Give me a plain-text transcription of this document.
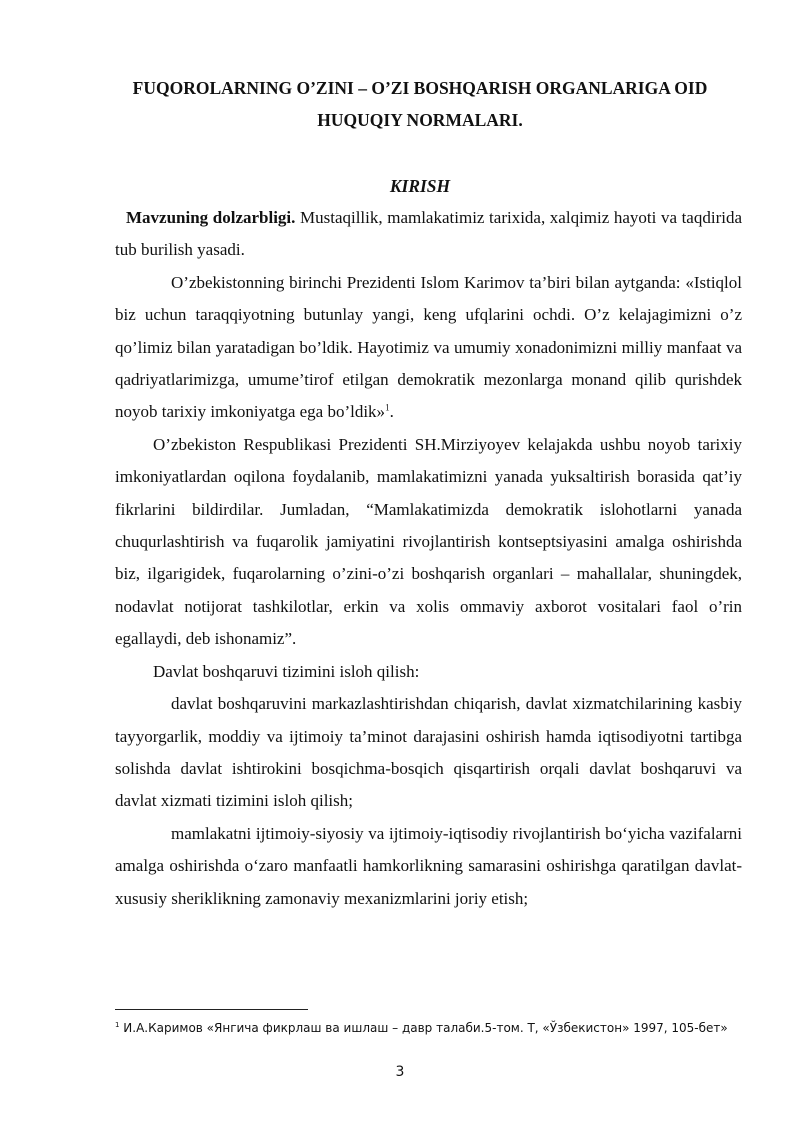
FUQOROLARNING O’ZINI – O’ZI BOSHQARISH ORGANLARIGA OID HUQUQIY NORMALARI.
KIRISH

Mavzuning dolzarbligi. Mustaqillik, mamlakatimiz tarixida, xalqimiz hayoti va taqdirida tub burilish yasadi.

O’zbekistonning birinchi Prezidenti Islom Karimov ta’biri bilan aytganda: «Istiqlol biz uchun taraqqiyotning butunlay yangi, keng ufqlarini ochdi. O’z kelajagimizni o’z qo’limiz bilan yaratadigan bo’ldik. Hayotimiz va umumiy xonadonimizni milliy manfaat va qadriyatlarimizga, umume’tirof etilgan demokratik mezonlarga monand qilib qurishdek noyob tarixiy imkoniyatga ega bo’ldik»$^1$.

O’zbekiston Respublikasi Prezidenti SH.Mirziyoyev kelajakda ushbu noyob tarixiy imkoniyatlardan oqilona foydalanib, mamlakatimizni yanada yuksaltirish borasida qat’iy fikrlarini bildirdilar. Jumladan, “Mamlakatimizda demokratik islohotlarni yanada chuqurlashtirish va fuqarolik jamiyatini rivojlantirish kontseptsiyasini amalga oshirishda biz, ilgarigidek, fuqarolarning o’zini-o’zi boshqarish organlari – mahallalar, shuningdek, nodavlat notijorat tashkilotlar, erkin va xolis ommaviy axborot vositalari faol o’rin egallaydi, deb ishonamiz”.

Davlat boshqaruvi tizimini isloh qilish:

davlat boshqaruvini markazlashtirishdan chiqarish, davlat xizmatchilarining kasbiy tayyorgarlik, moddiy va ijtimoiy ta’minot darajasini oshirish hamda iqtisodiyotni tartibga solishda davlat ishtirokini bosqichma-bosqich qisqartirish orqali davlat boshqaruvi va davlat xizmati tizimini isloh qilish;

mamlakatni ijtimoiy-siyosiy va ijtimoiy-iqtisodiy rivojlantirish bo‘yicha vazifalarni amalga oshirishda o‘zaro manfaatli hamkorlikning samarasini oshirishga qaratilgan davlat-xususiy sheriklikning zamonaviy mexanizmlarini joriy etish;

$^1$ И.А.Каримов «Янгича фикрлаш ва ишлаш – давр талаби.5-том. Т, «Ўзбекистон» 1997, 105-бет»

3
